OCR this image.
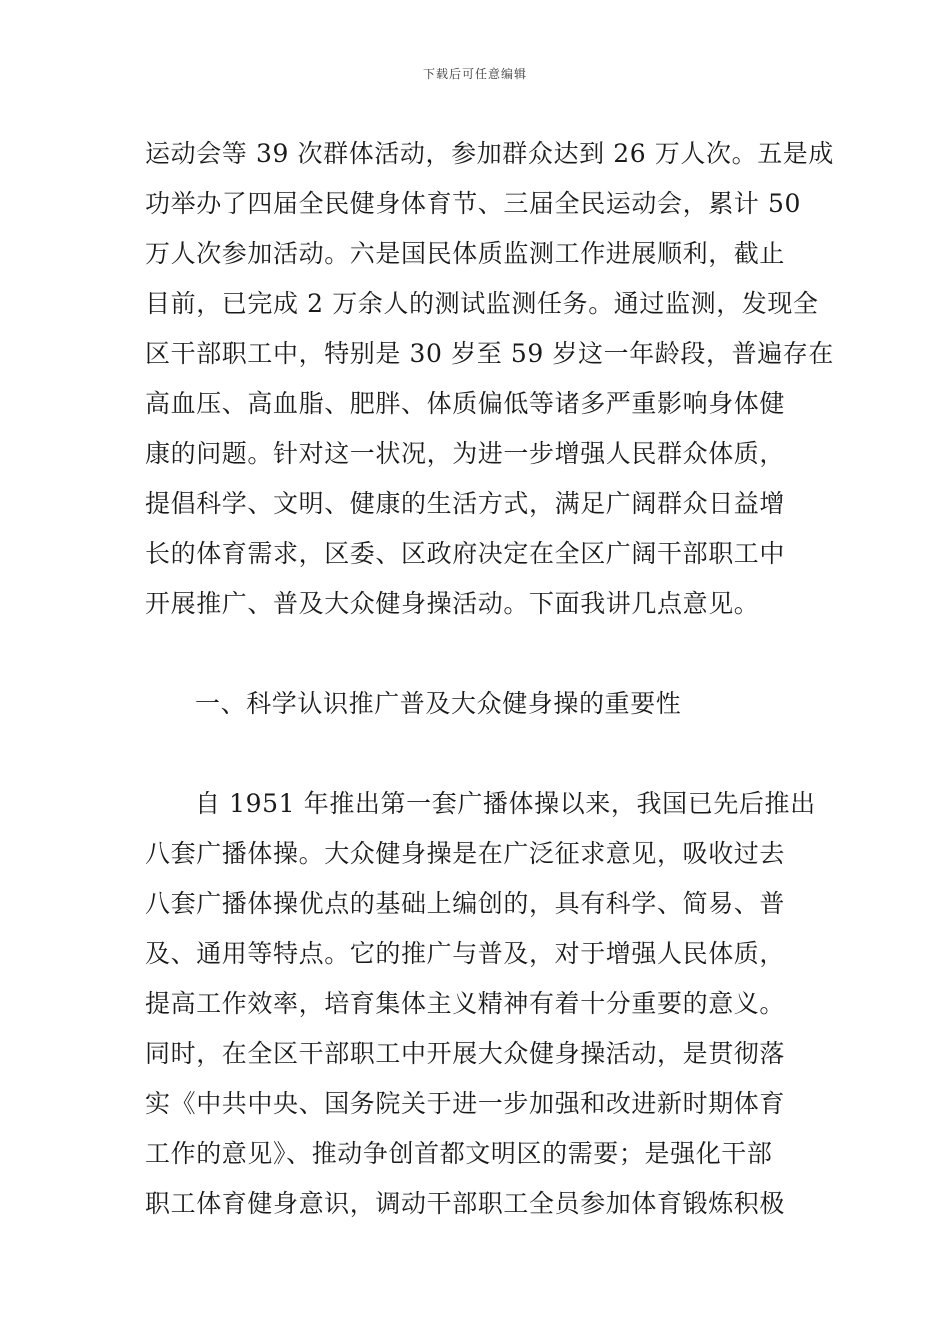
下载后可任意编辑
运动会等 39 次群体活动，参加群众达到 26 万人次。五是成
功举办了四届全民健身体育节、三届全民运动会，累计 50
万人次参加活动。六是国民体质监测工作进展顺利，截止
目前，已完成 2 万余人的测试监测任务。通过监测，发现全
区干部职工中，特别是 30 岁至 59 岁这一年龄段，普遍存在
高血压、高血脂、肥胖、体质偏低等诸多严重影响身体健
康的问题。针对这一状况，为进一步增强人民群众体质，
提倡科学、文明、健康的生活方式，满足广阔群众日益增
长的体育需求，区委、区政府决定在全区广阔干部职工中
开展推广、普及大众健身操活动。下面我讲几点意见。
一、科学认识推广普及大众健身操的重要性
自 1951 年推出第一套广播体操以来，我国已先后推出
八套广播体操。大众健身操是在广泛征求意见，吸收过去
八套广播体操优点的基础上编创的，具有科学、简易、普
及、通用等特点。它的推广与普及，对于增强人民体质，
提高工作效率，培育集体主义精神有着十分重要的意义。
同时，在全区干部职工中开展大众健身操活动，是贯彻落
实《中共中央、国务院关于进一步加强和改进新时期体育
工作的意见》、推动争创首都文明区的需要；是强化干部
职工体育健身意识，调动干部职工全员参加体育锻炼积极
